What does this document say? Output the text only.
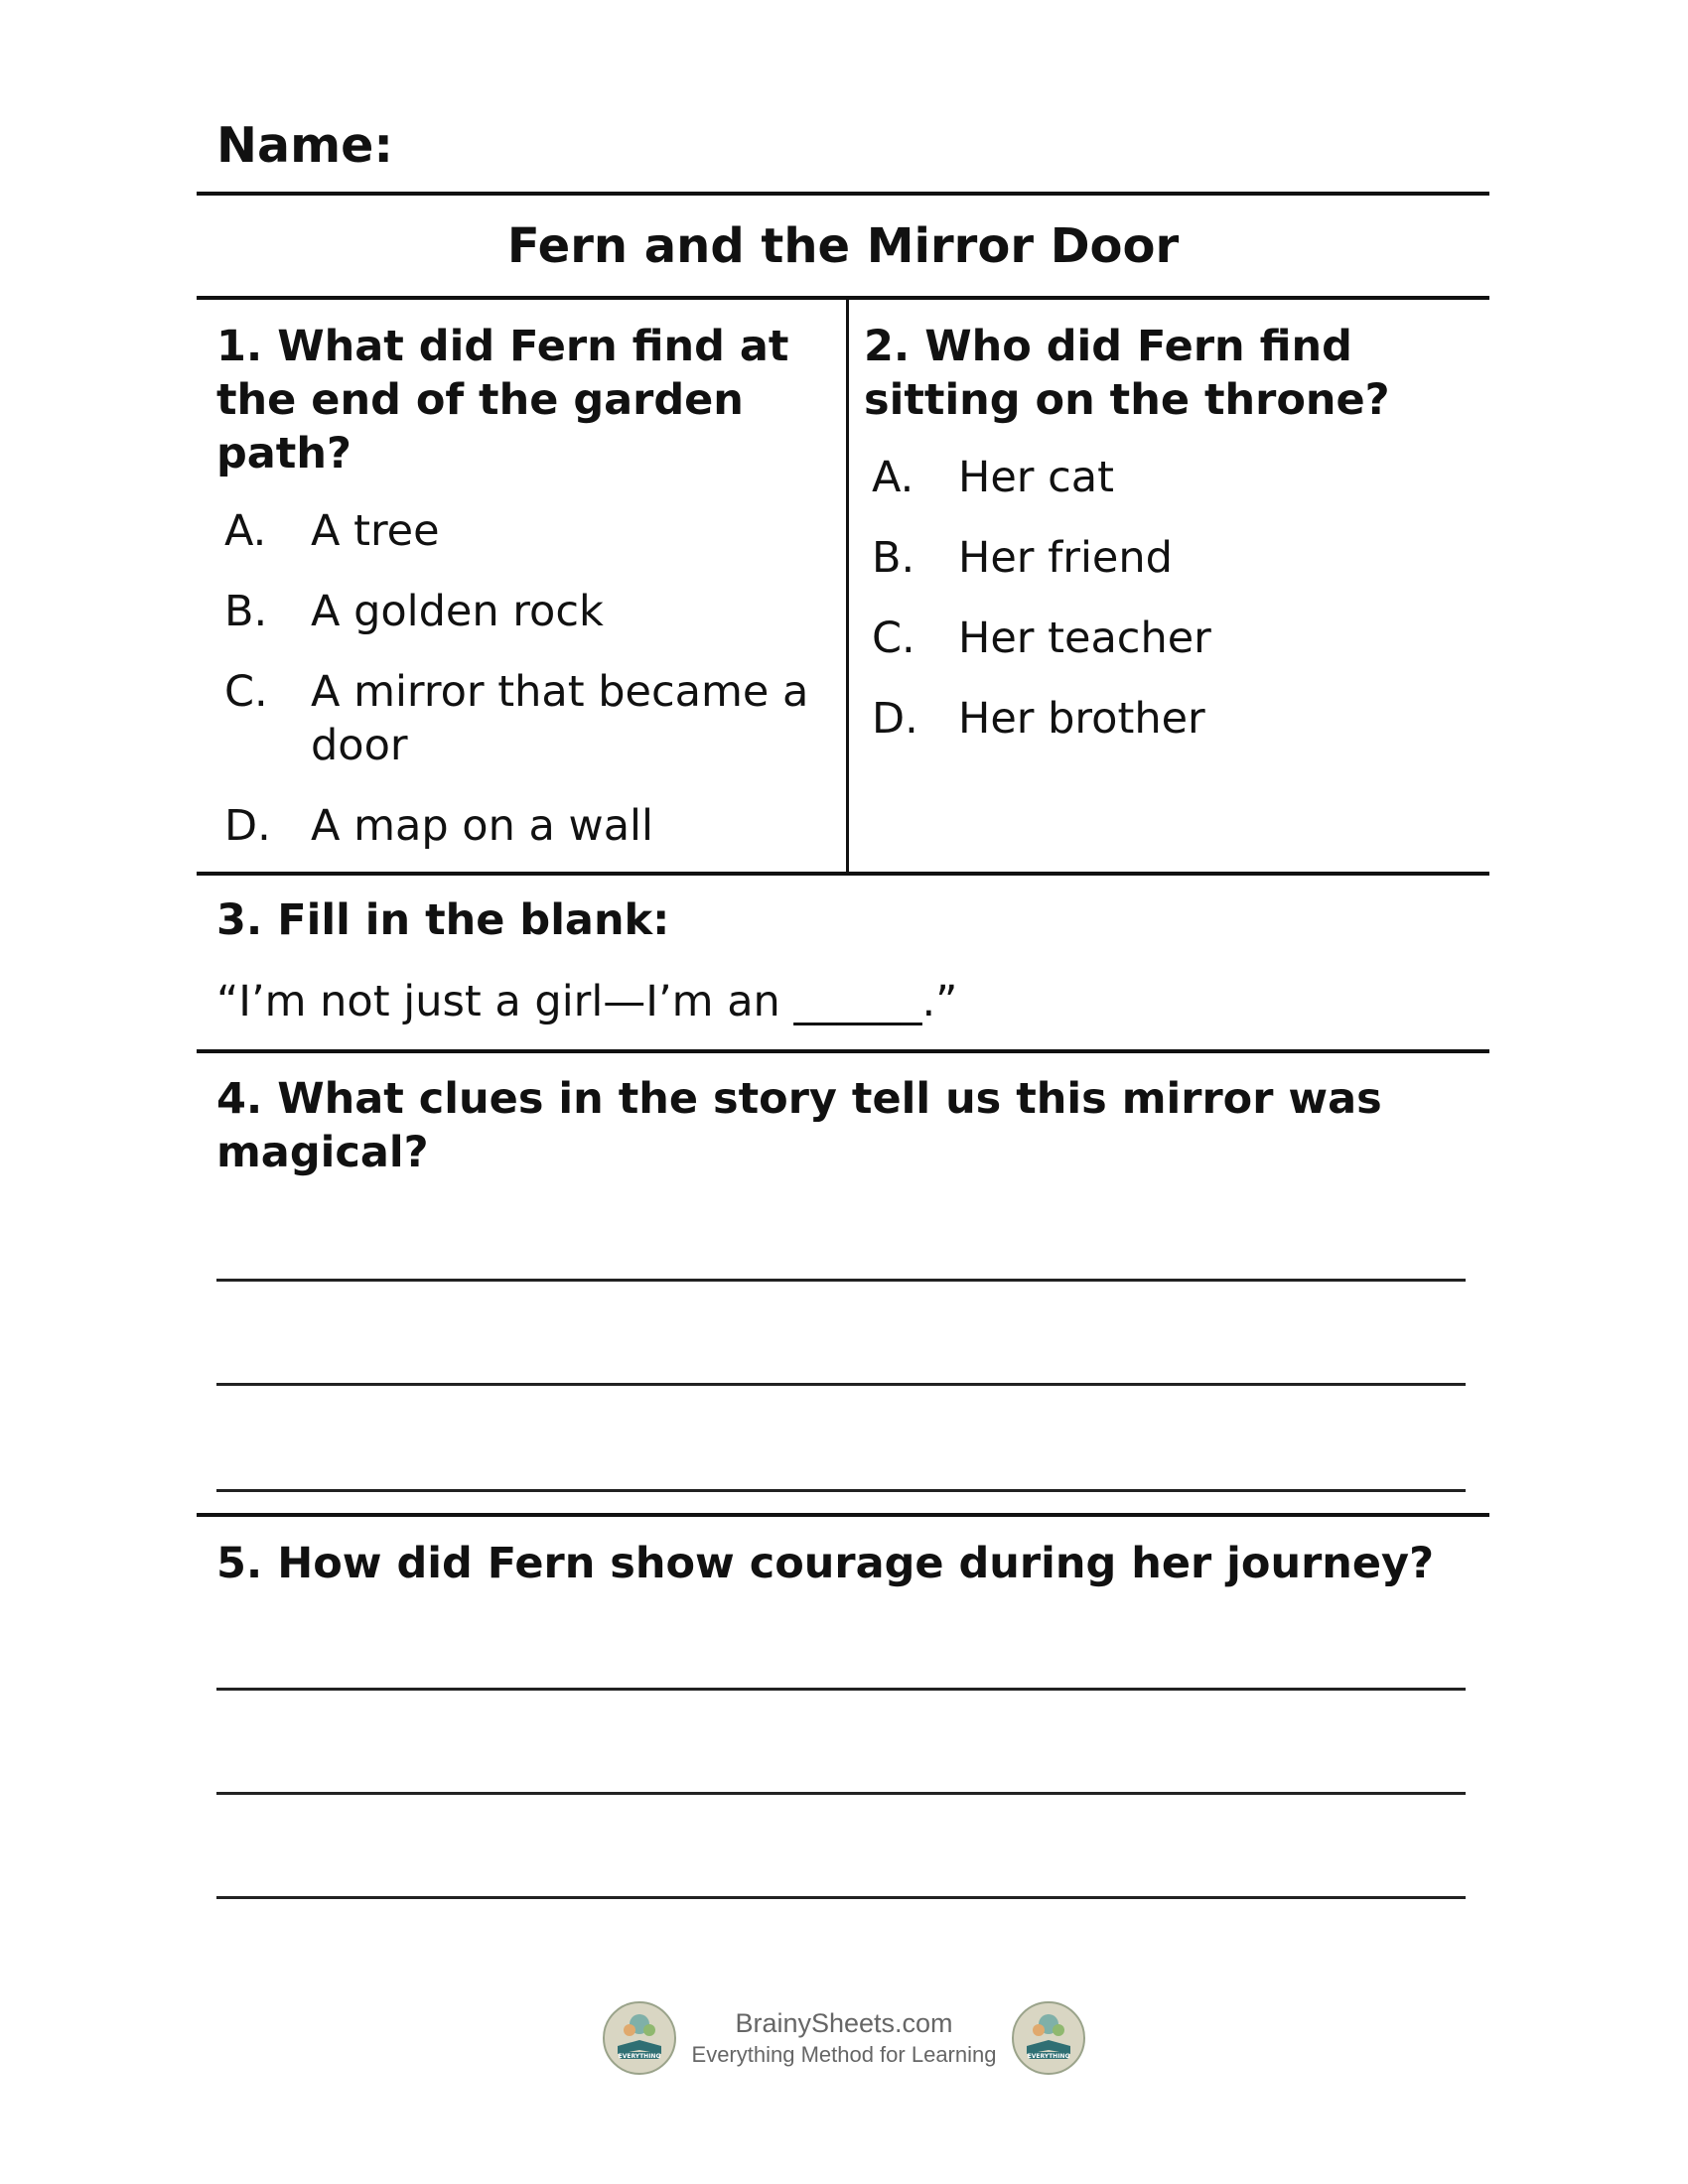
Name:
Fern and the Mirror Door
1. What did Fern find at the end of the garden path?
A.	A tree
B.	A golden rock
C.	A mirror that became a door
D. A map on a wall
2. Who did Fern find sitting on the throne?
A.	Her cat
B.	Her friend
C.	Her teacher
D. Her brother
3. Fill in the blank:
“I’m not just a girl—I’m an ______.”
4. What clues in the story tell us this mirror was magical?
5. How did Fern show courage during her journey?
EVERYTHING
BrainySheets.com
Everything Method for Learning	EVERYTHING
